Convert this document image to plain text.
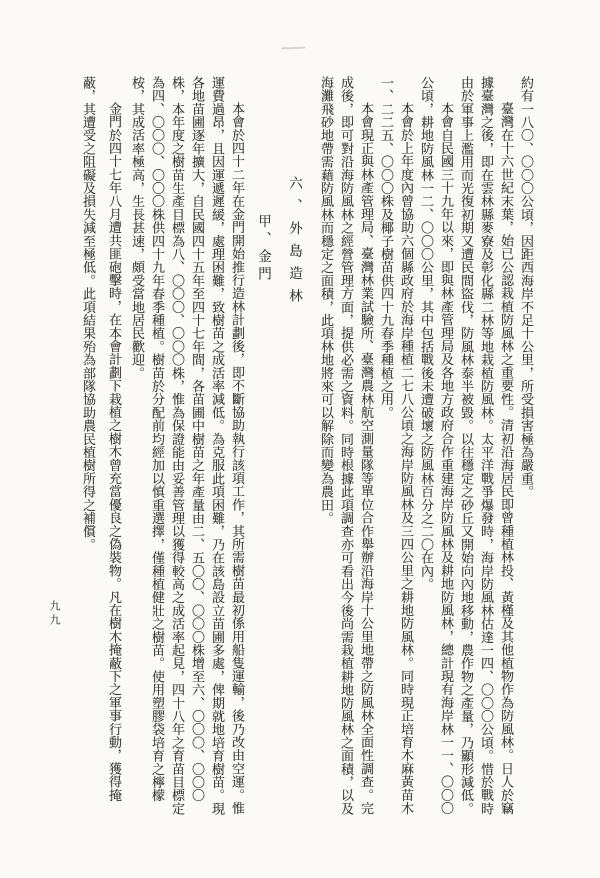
約有一八〇、〇〇〇公頃，因距西海岸不足十公里，所受損害極為嚴重。

臺灣在十六世紀末葉，始已公認栽植防風林之重要性。清初沿海居民即曾種植林投、黃槿及其他植物作為防風林。日人於竊據臺灣之後，即在雲林縣麥寮及彰化縣二林等地栽植防風林。太平洋戰爭爆發時，海岸防風林估達一四、〇〇〇公頃。惜於戰時由於軍事上濫用而光復初期又遭民間盜伐，防風林泰半被毀。以往穩定之砂丘又開始向內地移動，農作物之產量，乃顯形減低。

本會自民國三十九年以來，即與林產管理局及各地方政府合作重建海岸防風林及耕地防風林，總計現有海岸林一一、〇〇〇公頃，耕地防風林一二、〇〇〇公里，其中包括戰後未遭破壞之防風林百分之二〇在內。

本會於上年度內曾協助六個縣政府於海岸種植二七八公頃之海岸防風林及三四公里之耕地防風林。同時現正培育木麻黃苗木一、二二五、〇〇〇株及椰子樹苗供四十九春季種植之用。

本會現正與林產管理局、臺灣林業試驗所、臺灣農林航空測量隊等單位合作舉辦沿海岸十公里地帶之防風林全面性調查。完成後，即可對沿海防風林之經營管理方面，提供必需之資料。同時根據此項調查亦可看出今後尚需栽植耕地防風林之面積，以及海灘飛砂地帶需藉防風林而穩定之面積，此項林地將來可以解除而變為農田。

六、外島造林
甲、金門

本會於四十二年在金門開始推行造林計劃後，即不斷協助執行該項工作，其所需樹苗最初係用船隻運輸，後乃改由空運。惟運費過昂，且因運遞遲緩，處理困難，致樹苗之成活率減低。為克服此項困難，乃在該島設立苗圃多處，俾期就地培育樹苗。現各地苗圃逐年擴大，自民國四十五年至四十七年間，各苗圃中樹苗之年產量由二、五〇〇、〇〇〇株增至六、〇〇〇、〇〇〇株，本年度之樹苗生產目標為八、〇〇〇、〇〇〇株，惟為保證能由妥善管理以獲得較高之成活率起見，四十八年之育苗目標定為四、〇〇〇、〇〇〇株供四十九年春季種植。樹苗於分配前均經加以慎重選擇，僅種植健壯之樹苗。使用塑膠袋培育之檸檬桉，其成活率極高，生長甚速，頗受當地居民歡迎。

金門於四十七年八月遭共匪砲擊時，在本會計劃下栽植之樹木曾充當優良之偽裝物。凡在樹木掩蔽下之軍事行動，獲得掩蔽，其遭受之阻礙及損失減至極低。此項結果殆為部隊協助農民植樹所得之補償。

九九
